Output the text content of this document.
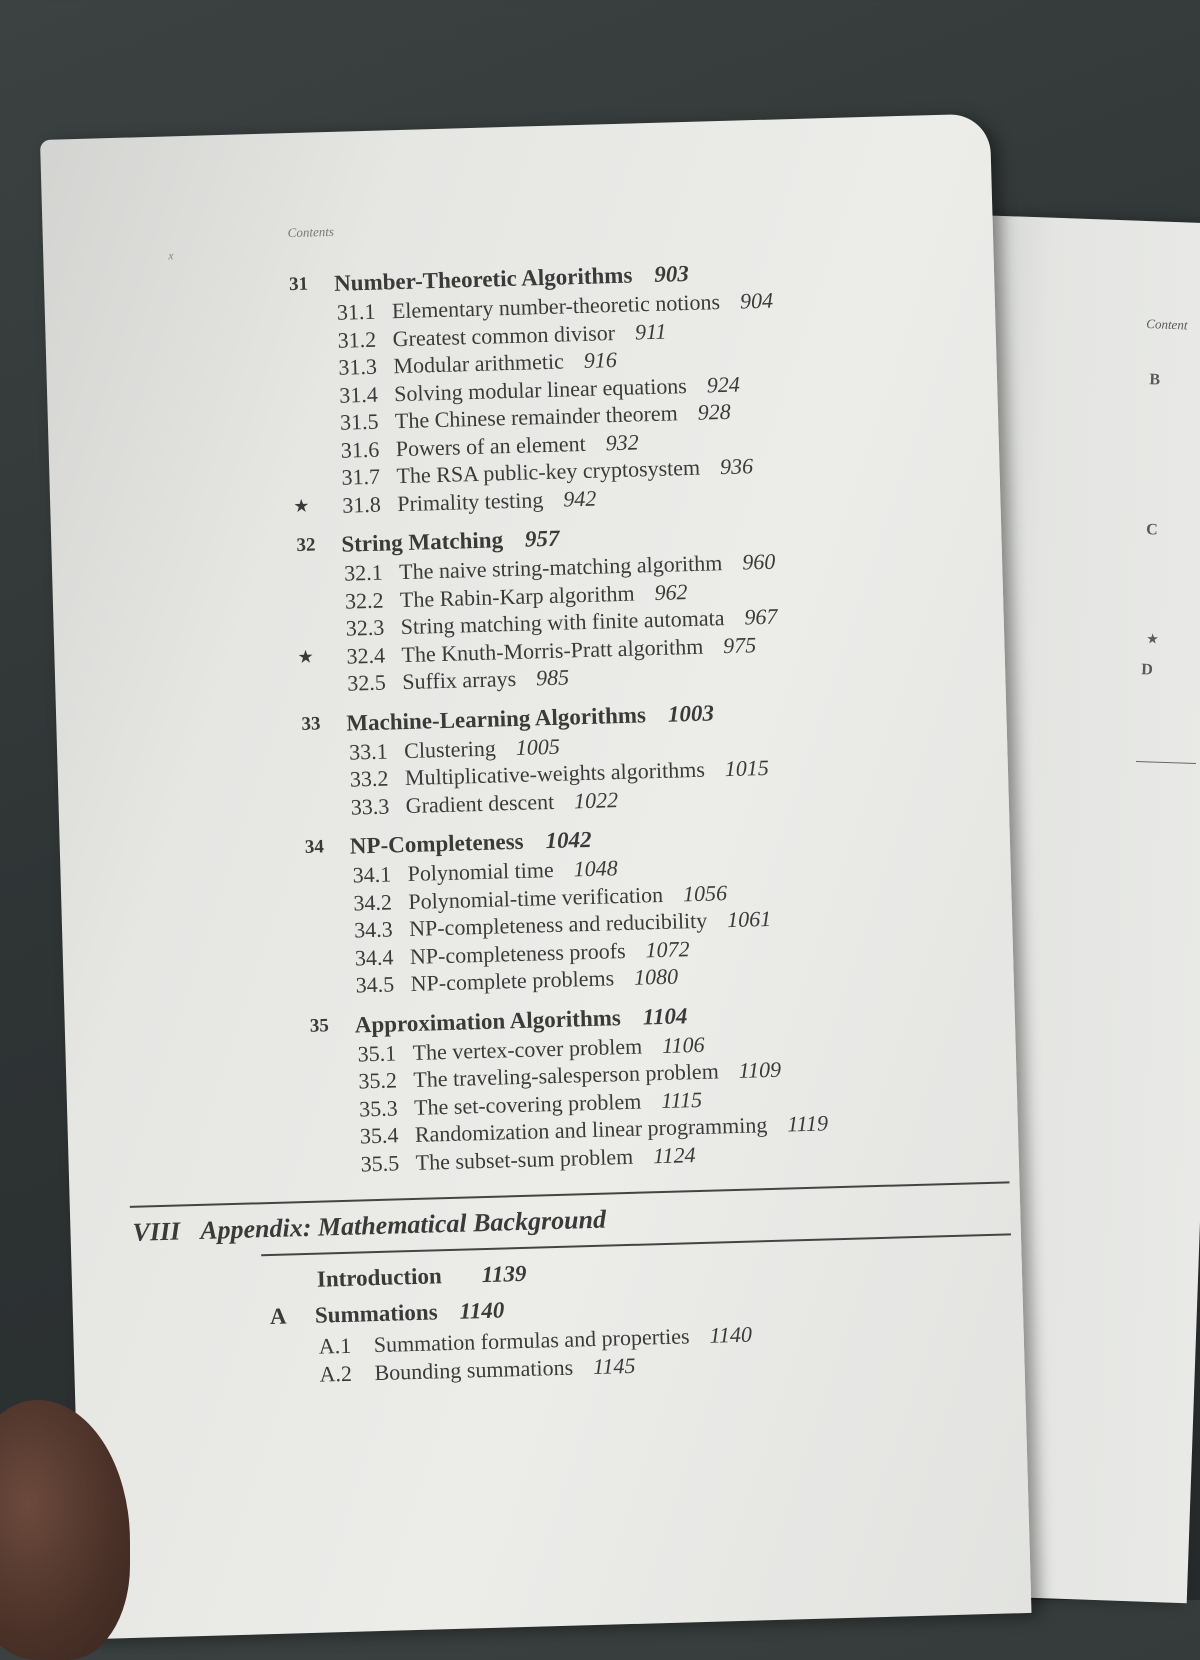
Content
B
C
★
D
x
Contents
31 Number-Theoretic Algorithms 903
31.1 Elementary number-theoretic notions 904
31.2 Greatest common divisor 911
31.3 Modular arithmetic 916
31.4 Solving modular linear equations 924
31.5 The Chinese remainder theorem 928
31.6 Powers of an element 932
31.7 The RSA public-key cryptosystem 936
★ 31.8 Primality testing 942
32 String Matching 957
32.1 The naive string-matching algorithm 960
32.2 The Rabin-Karp algorithm 962
32.3 String matching with finite automata 967
★ 32.4 The Knuth-Morris-Pratt algorithm 975
32.5 Suffix arrays 985
33 Machine-Learning Algorithms 1003
33.1 Clustering 1005
33.2 Multiplicative-weights algorithms 1015
33.3 Gradient descent 1022
34 NP-Completeness 1042
34.1 Polynomial time 1048
34.2 Polynomial-time verification 1056
34.3 NP-completeness and reducibility 1061
34.4 NP-completeness proofs 1072
34.5 NP-complete problems 1080
35 Approximation Algorithms 1104
35.1 The vertex-cover problem 1106
35.2 The traveling-salesperson problem 1109
35.3 The set-covering problem 1115
35.4 Randomization and linear programming 1119
35.5 The subset-sum problem 1124
VIII Appendix: Mathematical Background
Introduction 1139
A Summations 1140
A.1 Summation formulas and properties 1140
A.2 Bounding summations 1145
